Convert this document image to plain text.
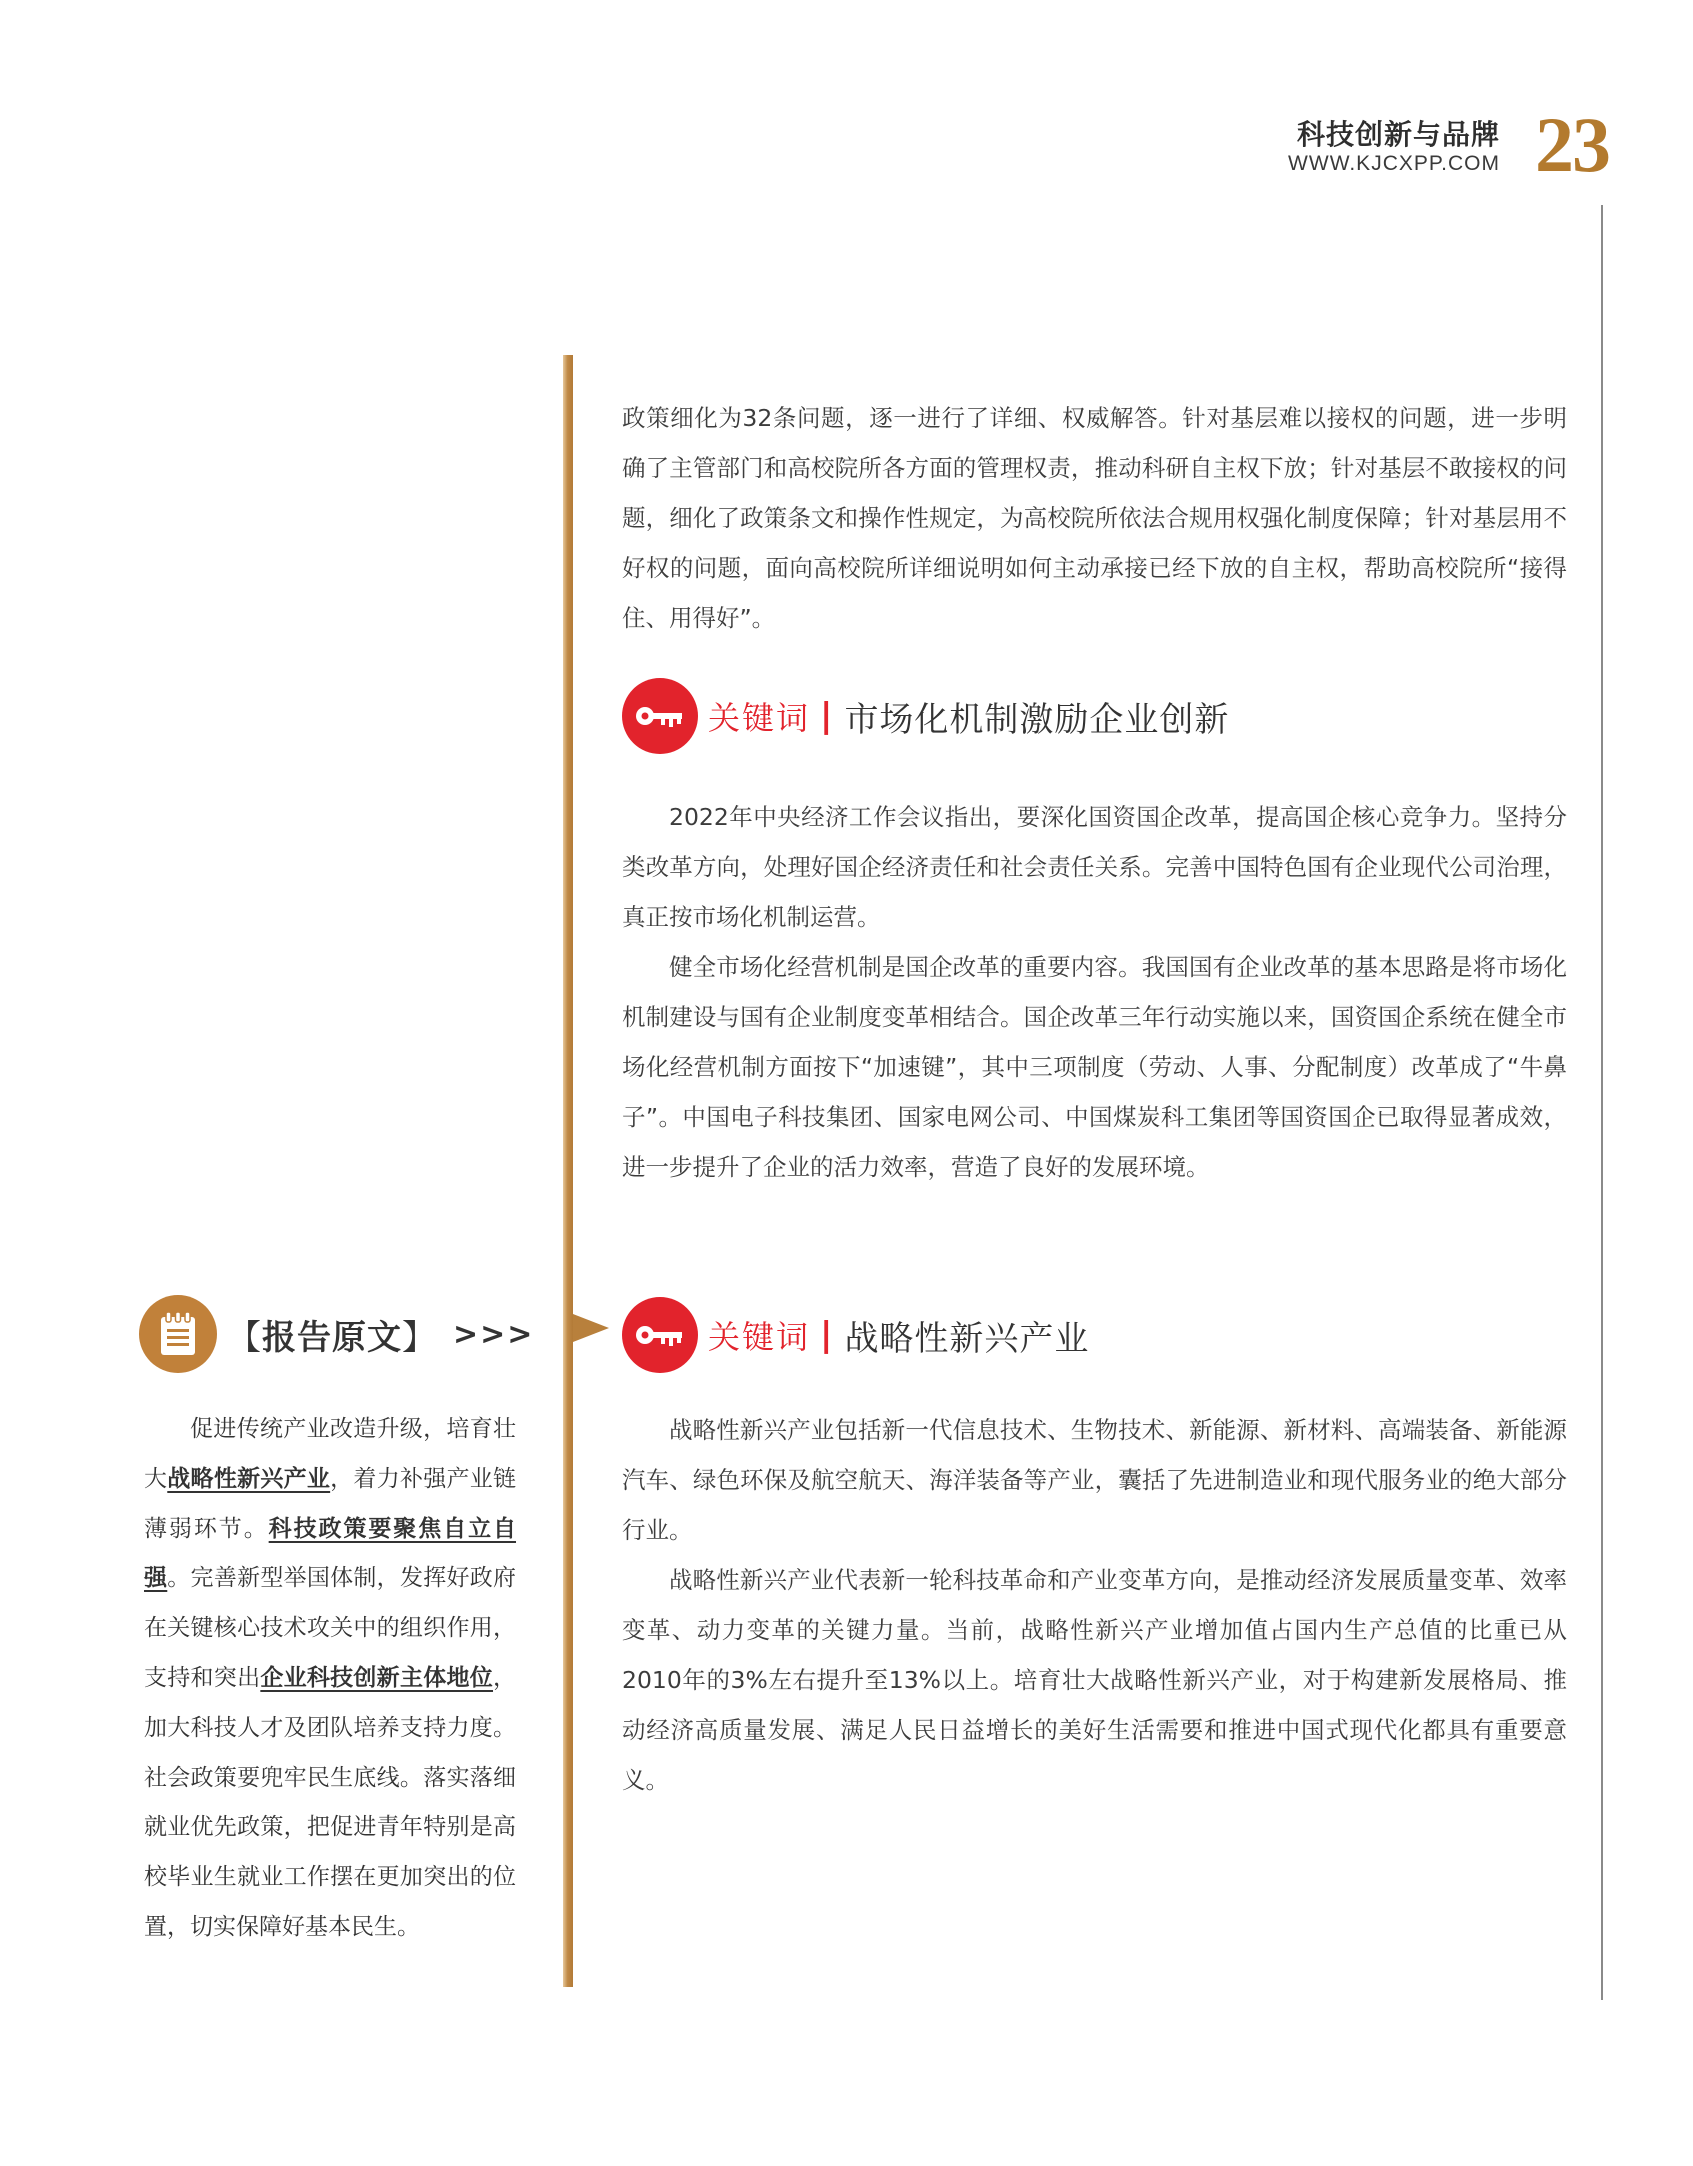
科技创新与品牌
WWW.KJCXPP.COM 23

政策细化为32条问题，逐一进行了详细、权威解答。针对基层难以接权的问题，进一步明确了主管部门和高校院所各方面的管理权责，推动科研自主权下放；针对基层不敢接权的问题，细化了政策条文和操作性规定，为高校院所依法合规用权强化制度保障；针对基层用不好权的问题，面向高校院所详细说明如何主动承接已经下放的自主权，帮助高校院所“接得住、用得好”。

关键词 | 市场化机制激励企业创新

2022年中央经济工作会议指出，要深化国资国企改革，提高国企核心竞争力。坚持分类改革方向，处理好国企经济责任和社会责任关系。完善中国特色国有企业现代公司治理，真正按市场化机制运营。

健全市场化经营机制是国企改革的重要内容。我国国有企业改革的基本思路是将市场化机制建设与国有企业制度变革相结合。国企改革三年行动实施以来，国资国企系统在健全市场化经营机制方面按下“加速键”，其中三项制度（劳动、人事、分配制度）改革成了“牛鼻子”。中国电子科技集团、国家电网公司、中国煤炭科工集团等国资国企已取得显著成效，进一步提升了企业的活力效率，营造了良好的发展环境。

关键词 | 战略性新兴产业

战略性新兴产业包括新一代信息技术、生物技术、新能源、新材料、高端装备、新能源汽车、绿色环保及航空航天、海洋装备等产业，囊括了先进制造业和现代服务业的绝大部分行业。

战略性新兴产业代表新一轮科技革命和产业变革方向，是推动经济发展质量变革、效率变革、动力变革的关键力量。当前，战略性新兴产业增加值占国内生产总值的比重已从2010年的3%左右提升至13%以上。培育壮大战略性新兴产业，对于构建新发展格局、推动经济高质量发展、满足人民日益增长的美好生活需要和推进中国式现代化都具有重要意义。

【报告原文】 >>>
促进传统产业改造升级，培育壮大战略性新兴产业，着力补强产业链薄弱环节。科技政策要聚焦自立自强。完善新型举国体制，发挥好政府在关键核心技术攻关中的组织作用，支持和突出企业科技创新主体地位，加大科技人才及团队培养支持力度。社会政策要兜牢民生底线。落实落细就业优先政策，把促进青年特别是高校毕业生就业工作摆在更加突出的位置，切实保障好基本民生。
